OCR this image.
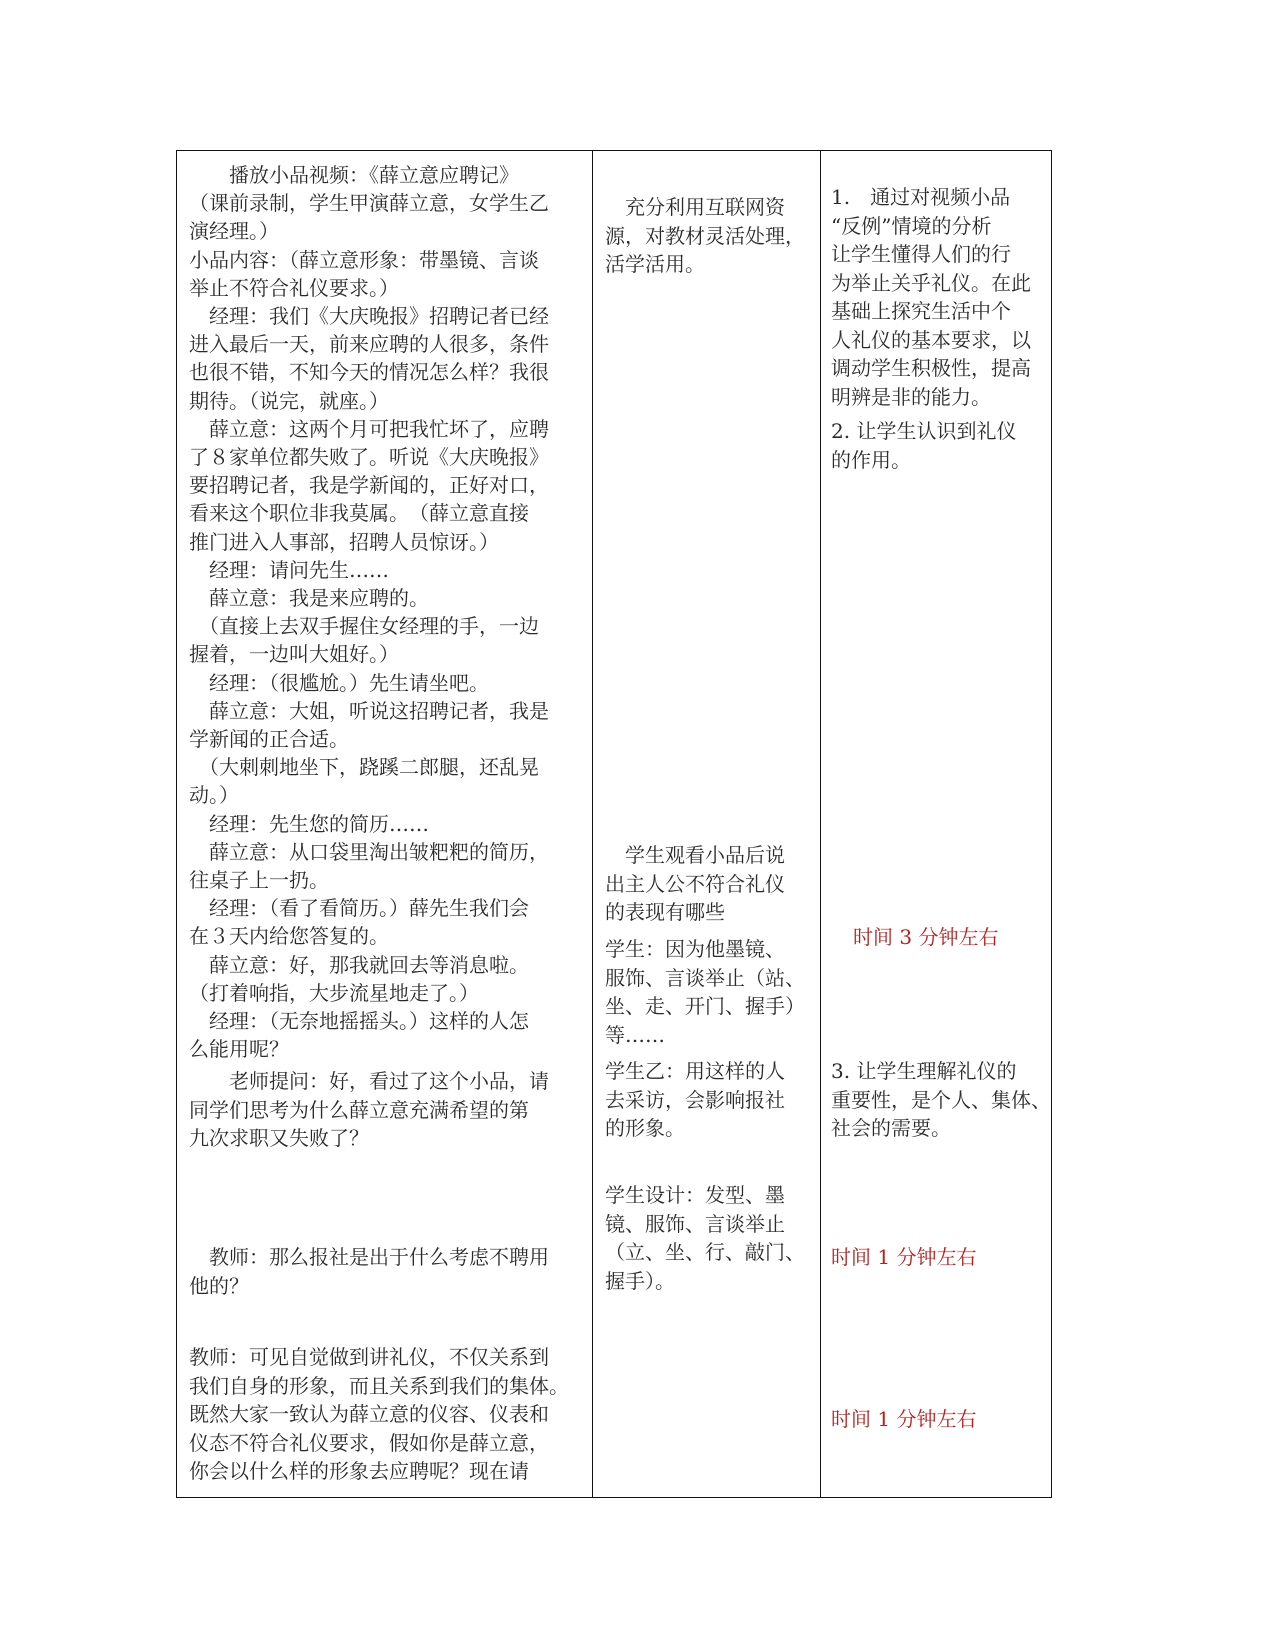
　　播放小品视频：《薛立意应聘记》

（课前录制，学生甲演薛立意，女学生乙

演经理。）

小品内容：（薛立意形象：带墨镜、言谈

举止不符合礼仪要求。）

　经理：我们《大庆晚报》招聘记者已经

进入最后一天，前来应聘的人很多，条件

也很不错，不知今天的情况怎么样？我很

期待。（说完，就座。）

　薛立意：这两个月可把我忙坏了，应聘

了８家单位都失败了。听说《大庆晚报》

要招聘记者，我是学新闻的，正好对口，

看来这个职位非我莫属。　（薛立意直接

推门进入人事部，招聘人员惊讶。）

　经理：请问先生……

　薛立意：我是来应聘的。

　（直接上去双手握住女经理的手，一边

握着，一边叫大姐好。）

　经理：（很尴尬。）先生请坐吧。

　薛立意：大姐，听说这招聘记者，我是

学新闻的正合适。

　（大刺刺地坐下，跷蹊二郎腿，还乱晃

动。）

　经理：先生您的简历……

　薛立意：从口袋里淘出皱粑粑的简历，

往桌子上一扔。

　经理：（看了看简历。）薛先生我们会

在３天内给您答复的。

　薛立意：好，那我就回去等消息啦。

（打着响指，大步流星地走了。）

　经理：（无奈地摇摇头。）这样的人怎

么能用呢？

　　老师提问：好，看过了这个小品，请

同学们思考为什么薛立意充满希望的第

九次求职又失败了？

　教师：那么报社是出于什么考虑不聘用

他的？

教师：可见自觉做到讲礼仪，不仅关系到

我们自身的形象，而且关系到我们的集体。

既然大家一致认为薛立意的仪容、仪表和

仪态不符合礼仪要求，假如你是薛立意，

你会以什么样的形象去应聘呢？现在请

　充分利用互联网资

源，对教材灵活处理，

活学活用。

　学生观看小品后说

出主人公不符合礼仪

的表现有哪些

学生：因为他墨镜、

服饰、言谈举止（站、

坐、走、开门、握手）

等……

学生乙：用这样的人

去采访，会影响报社

的形象。

学生设计：发型、墨

镜、服饰、言谈举止

（立、坐、行、敲门、

握手）。

1.　通过对视频小品

“反例”情境的分析

让学生懂得人们的行

为举止关乎礼仪。在此

基础上探究生活中个

人礼仪的基本要求，以

调动学生积极性，提高

明辨是非的能力。

2. 让学生认识到礼仪

的作用。

时间 3 分钟左右

3. 让学生理解礼仪的

重要性，是个人、集体、

社会的需要。

时间 1 分钟左右

时间 1 分钟左右
